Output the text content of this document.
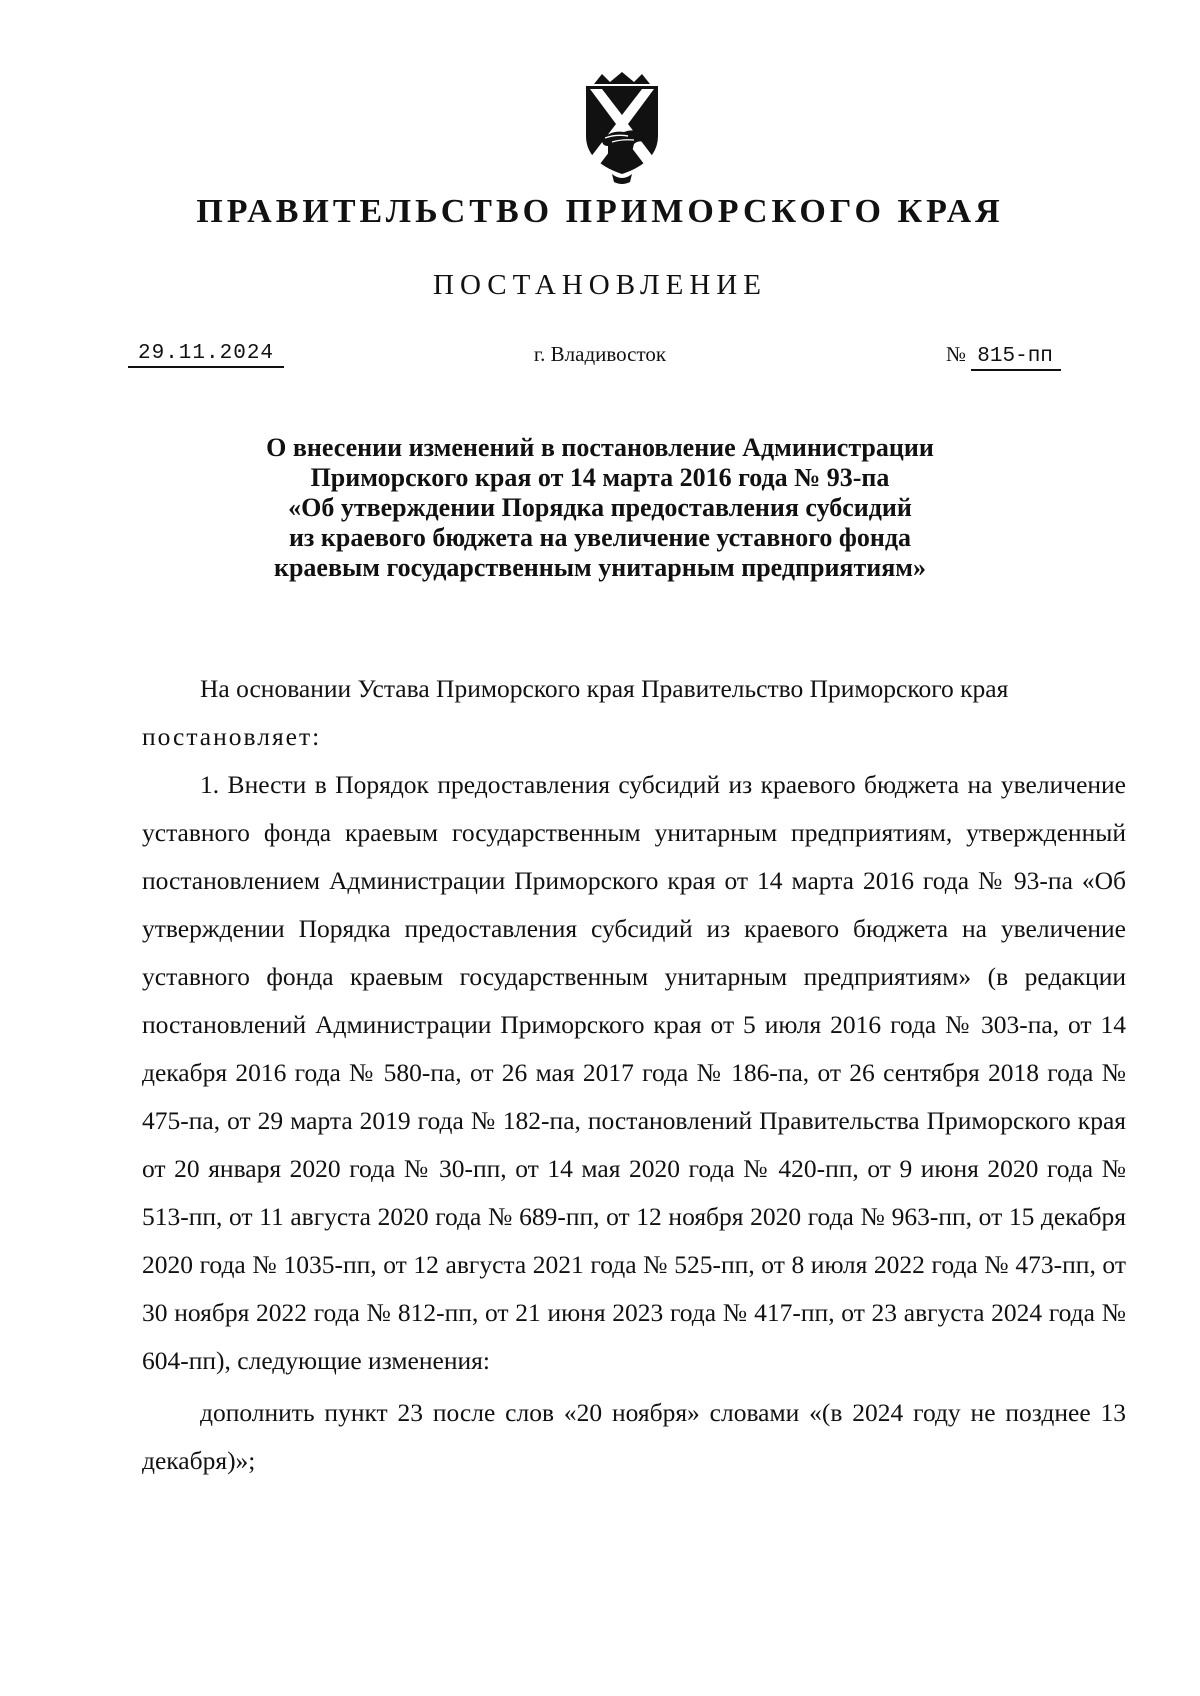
ПРАВИТЕЛЬСТВО ПРИМОРСКОГО КРАЯ
ПОСТАНОВЛЕНИЕ
29.11.2024	г. Владивосток	№ 815-пп
О внесении изменений в постановление Администрации
Приморского края от 14 марта 2016 года № 93-па
«Об утверждении Порядка предоставления субсидий
из краевого бюджета на увеличение уставного фонда
краевым государственным унитарным предприятиям»

На основании Устава Приморского края Правительство Приморского края

постановляет:

1. Внести в Порядок предоставления субсидий из краевого бюджета на увеличение уставного фонда краевым государственным унитарным предприятиям, утвержденный постановлением Администрации Приморского края от 14 марта 2016 года № 93-па «Об утверждении Порядка предоставления субсидий из краевого бюджета на увеличение уставного фонда краевым государственным унитарным предприятиям» (в редакции постановлений Администрации Приморского края от 5 июля 2016 года № 303-па, от 14 декабря 2016 года № 580-па, от 26 мая 2017 года № 186-па, от 26 сентября 2018 года № 475-па, от 29 марта 2019 года № 182-па, постановлений Правительства Приморского края от 20 января 2020 года № 30-пп, от 14 мая 2020 года № 420-пп, от 9 июня 2020 года № 513-пп, от 11 августа 2020 года № 689-пп, от 12 ноября 2020 года № 963-пп, от 15 декабря 2020 года № 1035-пп, от 12 августа 2021 года № 525-пп, от 8 июля 2022 года № 473-пп, от 30 ноября 2022 года № 812-пп, от 21 июня 2023 года № 417-пп, от 23 августа 2024 года № 604-пп), следующие изменения:

дополнить пункт 23 после слов «20 ноября» словами «(в 2024 году не позднее 13 декабря)»;
